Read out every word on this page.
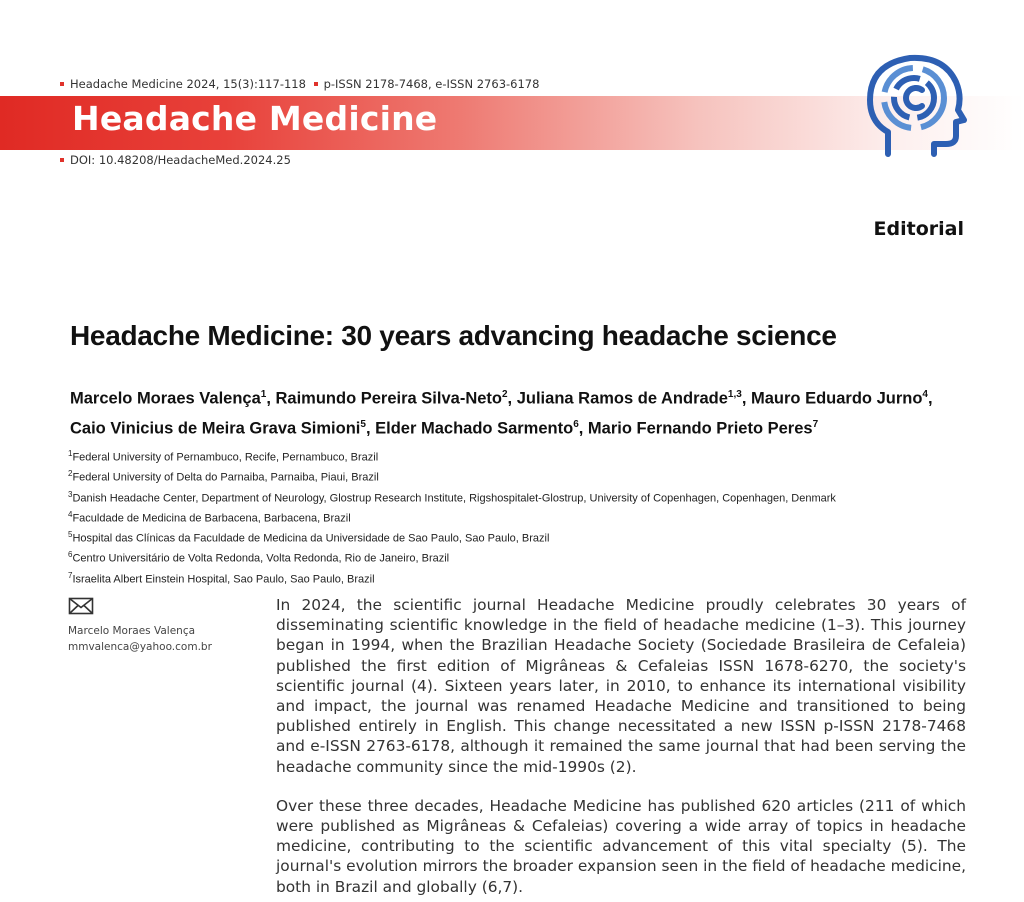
Headache Medicine 2024, 15(3):117-118 p-ISSN 2178-7468, e-ISSN 2763-6178
Headache Medicine
DOI: 10.48208/HeadacheMed.2024.25
Editorial
Headache Medicine: 30 years advancing headache science
Marcelo Moraes Valença$^1$, Raimundo Pereira Silva-Neto$^2$, Juliana Ramos de Andrade$^{1,3}$, Mauro Eduardo Jurno$^4$,
Caio Vinicius de Meira Grava Simioni$^5$, Elder Machado Sarmento$^6$, Mario Fernando Prieto Peres$^7$
$^1$Federal University of Pernambuco, Recife, Pernambuco, Brazil
$^2$Federal University of Delta do Parnaiba, Parnaiba, Piaui, Brazil
$^3$Danish Headache Center, Department of Neurology, Glostrup Research Institute, Rigshospitalet-Glostrup, University of Copenhagen, Copenhagen, Denmark
$^4$Faculdade de Medicina de Barbacena, Barbacena, Brazil
$^5$Hospital das Clínicas da Faculdade de Medicina da Universidade de Sao Paulo, Sao Paulo, Brazil
$^6$Centro Universitário de Volta Redonda, Volta Redonda, Rio de Janeiro, Brazil
$^7$Israelita Albert Einstein Hospital, Sao Paulo, Sao Paulo, Brazil
Marcelo Moraes Valença
mmvalenca@yahoo.com.br

In 2024, the scientific journal Headache Medicine proudly celebrates 30 years of disseminating scientific knowledge in the field of headache medicine (1–3). This journey began in 1994, when the Brazilian Headache Society (Sociedade Brasileira de Cefaleia) published the first edition of Migrâneas & Cefaleias ISSN 1678-6270, the society's scientific journal (4). Sixteen years later, in 2010, to enhance its international visibility and impact, the journal was renamed Headache Medicine and transitioned to being published entirely in English. This change necessitated a new ISSN p-ISSN 2178-7468 and e-ISSN 2763-6178, although it remained the same journal that had been serving the headache community since the mid-1990s (2).

Over these three decades, Headache Medicine has published 620 articles (211 of which were published as Migrâneas & Cefaleias) covering a wide array of topics in headache medicine, contributing to the scientific advancement of this vital specialty (5). The journal's evolution mirrors the broader expansion seen in the field of headache medicine, both in Brazil and globally (6,7).
